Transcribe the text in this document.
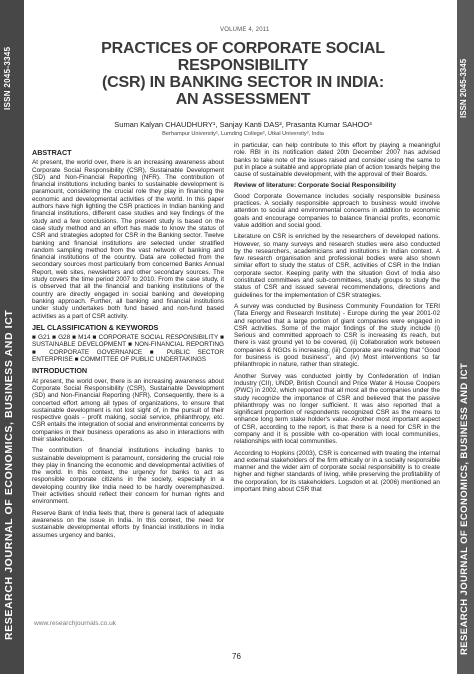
ISSN 2045-3345
RESEARCH JOURNAL OF ECONOMICS, BUSINESS AND ICT
ISSN 2045-3345
RESEARCH JOURNAL OF ECONOMICS, BUSINESS AND ICT
VOLUME 4, 2011
PRACTICES OF CORPORATE SOCIAL RESPONSIBILITY
(CSR) IN BANKING SECTOR IN INDIA:
AN ASSESSMENT
Suman Kalyan CHAUDHURY¹, Sanjay Kanti DAS², Prasanta Kumar SAHOO³
Berhampur University¹, Lumding College², Utkal University³, India
ABSTRACT

At present, the world over, there is an increasing awareness about Corporate Social Responsibility (CSR), Sustainable Development (SD) and Non-Financial Reporting (NFR). The contribution of financial institutions including banks to sustainable development is paramount, considering the crucial role they play in financing the economic and developmental activities of the world. In this paper authors have high lighting the CSR practices in Indian banking and financial institutions, different case studies and key findings of the study and a few conclusions. The present study is based on the case study method and an effort has made to know the status of CSR and strategies adopted for CSR in the Banking sector. Twelve banking and financial institutions are selected under stratified random sampling method from the vast network of banking and financial institutions of the country. Data are collected from the secondary sources most particularly from concerned Banks Annual Report, web sites, newsletters and other secondary sources. The study covers the time period 2007 to 2010. From the case study, it is observed that all the financial and banking institutions of the country are directly engaged in social banking and developing banking approach. Further, all banking and financial institutions under study undertakes both fund based and non-fund based activities as a part of CSR activity.

JEL CLASSIFICATION & KEYWORDS

■ G21 ■ G28 ■ M14 ■ CORPORATE SOCIAL RESPONSIBILITY ■ SUSTAINABLE DEVELOPMENT ■ NON-FINANCIAL REPORTING ■ CORPORATE GOVERNANCE ■ PUBLIC SECTOR ENTERPRISE ■ COMMITTEE OF PUBLIC UNDERTAKINGS

INTRODUCTION

At present, the world over, there is an increasing awareness about Corporate Social Responsibility (CSR), Sustainable Development (SD) and Non-Financial Reporting (NFR). Consequently, there is a concerted effort among all types of organizations, to ensure that sustainable development is not lost sight of, in the pursuit of their respective goals - profit making, social service, philanthropy, etc. CSR entails the integration of social and environmental concerns by companies in their business operations as also in interactions with their stakeholders.

The contribution of financial institutions including banks to sustainable development is paramount, considering the crucial role they play in financing the economic and developmental activities of the world. In this context, the urgency for banks to act as responsible corporate citizens in the society, especially in a developing country like India need to be hardly overemphasized. Their activities should reflect their concern for human rights and environment.

Reserve Bank of India feels that, there is general lack of adequate awareness on the issue in India. In this context, the need for sustainable developmental efforts by financial institutions in India assumes urgency and banks,

in particular, can help contribute to this effort by playing a meaningful role. RBI in its notification dated 20th December 2007 has advised banks to take note of the issues raised and consider using the same to put in place a suitable and appropriate plan of action towards helping the cause of sustainable development, with the approval of their Boards.

Review of literature: Corporate Social Responsibility

Good Corporate Governance includes socially responsible business practices. A socially responsible approach to business would involve attention to social and environmental concerns in addition to economic goals and encourage companies to balance financial profits, economic value addition and social good.

Literature on CSR is enriched by the researchers of developed nations. However, so many surveys and research studies were also conducted by the researchers, academicians and institutions in Indian context. A few research organisation and professional bodies were also shown similar effort to study the status of CSR, activities of CSR in the Indian corporate sector. Keeping parity with the situation Govt of India also constituted committees and sub-committees, study groups to study the status of CSR and issued several recommendations, directions and guidelines for the implementation of CSR strategies.

A survey was conducted by Business Community Foundation for TERI (Tata Energy and Research Institute) - Europe during the year 2001-02 and reported that a large portion of giant companies were engaged in CSR activities. Some of the major findings of the study include (i) Serious and committed approach to CSR is increasing its reach, but there is vast ground yet to be covered, (ii) Collaboration work between companies & NGOs is increasing, (iii) Corporate are realizing that "Good for business is good business", and (iv) Most interventions so far philanthropic in nature, rather than strategic.

Another Survey was conducted jointly by Confederation of Indian Industry (CII), UNDP, British Council and Price Water & House Coopers (PWC) in 2002, which reported that all most all the companies under the study recognize the importance of CSR and believed that the passive philanthropy was no longer sufficient. It was also reported that a significant proportion of respondents recognized CSR as the means to enhance long term stake holder's value. Another most important aspect of CSR, according to the report, is that there is a need for CSR in the company and it is possible with co-operation with local communities, relationships with local communities.

According to Hopkins (2003), CSR is concerned with treating the internal and external stakeholders of the firm ethically or in a socially responsible manner and the wider aim of corporate social responsibility is to create higher and higher standards of living, while preserving the profitability of the corporation, for its stakeholders. Logsdon et al. (2006) mentioned an important thing about CSR that

www.researchjournals.co.uk
76
